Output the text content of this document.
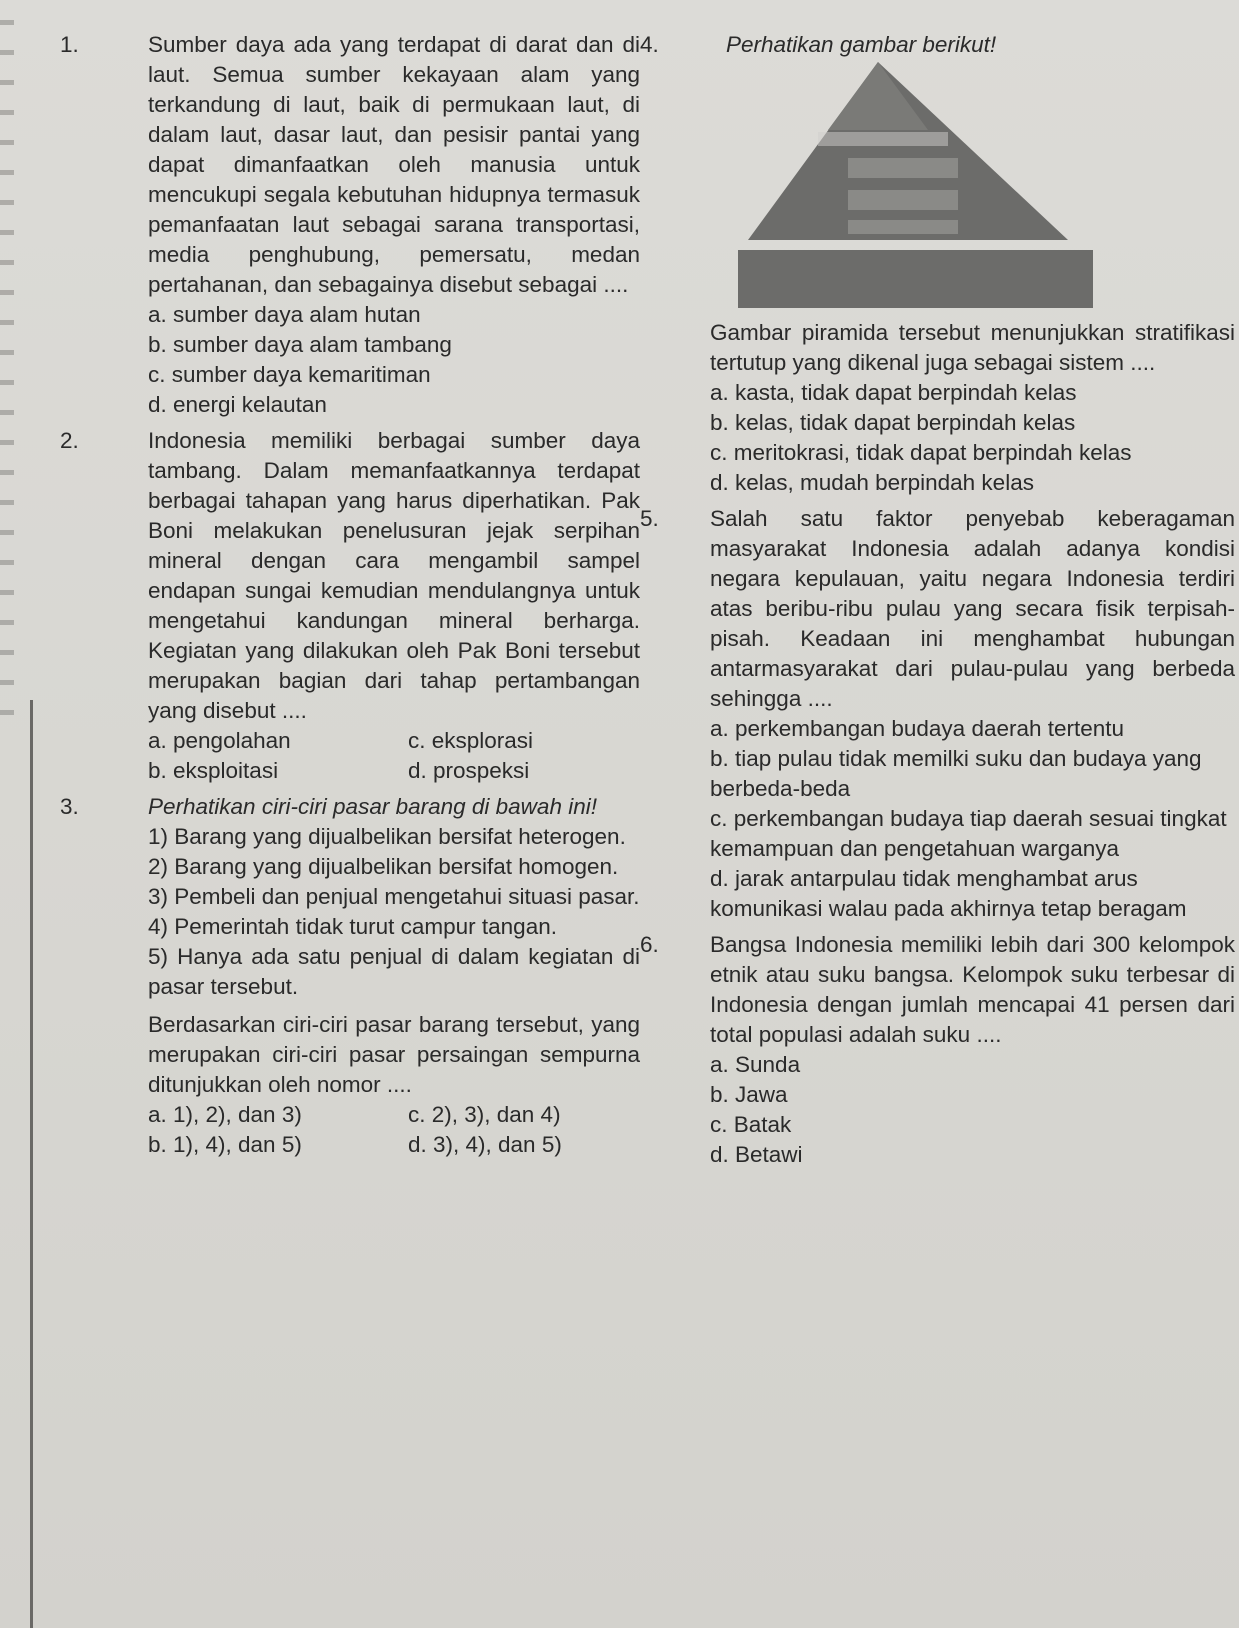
1.	Sumber daya ada yang terdapat di darat dan di laut. Semua sumber kekayaan alam yang terkandung di laut, baik di permukaan laut, di dalam laut, dasar laut, dan pesisir pantai yang dapat dimanfaatkan oleh manusia untuk mencukupi segala kebutuhan hidupnya termasuk pemanfaatan laut sebagai sarana transportasi, media penghubung, pemersatu, medan pertahanan, dan sebagainya disebut sebagai ....

a. sumber daya alam hutan
b. sumber daya alam tambang
c. sumber daya kemaritiman
d. energi kelautan
2.	Indonesia memiliki berbagai sumber daya tambang. Dalam memanfaatkannya terdapat berbagai tahapan yang harus diperhatikan. Pak Boni melakukan penelusuran jejak serpihan mineral dengan cara mengambil sampel endapan sungai kemudian mendulangnya untuk mengetahui kandungan mineral berharga. Kegiatan yang dilakukan oleh Pak Boni tersebut merupakan bagian dari tahap pertambangan yang disebut ....

a. pengolahan	c. eksplorasi
b. eksploitasi	d. prospeksi
3.	Perhatikan ciri-ciri pasar barang di bawah ini!

1) Barang yang dijualbelikan bersifat heterogen.

2) Barang yang dijualbelikan bersifat homogen.

3) Pembeli dan penjual mengetahui situasi pasar.

4) Pemerintah tidak turut campur tangan.

5) Hanya ada satu penjual di dalam kegiatan di pasar tersebut.

Berdasarkan ciri-ciri pasar barang tersebut, yang merupakan ciri-ciri pasar persaingan sempurna ditunjukkan oleh nomor ....

a. 1), 2), dan 3)	c. 2), 3), dan 4)
b. 1), 4), dan 5)	d. 3), 4), dan 5)
4.	Perhatikan gambar berikut!

Gambar piramida tersebut menunjukkan stratifikasi tertutup yang dikenal juga sebagai sistem ....

a. kasta, tidak dapat berpindah kelas
b. kelas, tidak dapat berpindah kelas
c. meritokrasi, tidak dapat berpindah kelas
d. kelas, mudah berpindah kelas
5. Salah satu faktor penyebab keberagaman masyarakat Indonesia adalah adanya kondisi negara kepulauan, yaitu negara Indonesia terdiri atas beribu-ribu pulau yang secara fisik terpisah-pisah. Keadaan ini menghambat hubungan antarmasyarakat dari pulau-pulau yang berbeda sehingga ....

a. perkembangan budaya daerah tertentu
b. tiap pulau tidak memilki suku dan budaya yang berbeda-beda
c. perkembangan budaya tiap daerah sesuai tingkat kemampuan dan pengetahuan warganya
d. jarak antarpulau tidak menghambat arus komunikasi walau pada akhirnya tetap beragam
6. Bangsa Indonesia memiliki lebih dari 300 kelompok etnik atau suku bangsa. Kelompok suku terbesar di Indonesia dengan jumlah mencapai 41 persen dari total populasi adalah suku ....

a. Sunda
b. Jawa
c. Batak
d. Betawi
